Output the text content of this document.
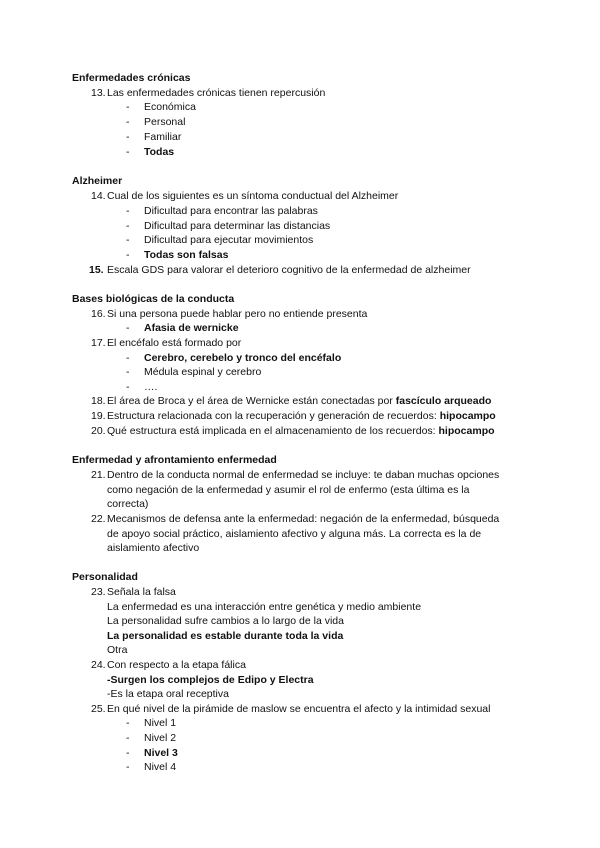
Enfermedades crónicas
13. Las enfermedades crónicas tienen repercusión
- Económica
- Personal
- Familiar
- Todas
Alzheimer
14. Cual de los siguientes es un síntoma conductual del Alzheimer
- Dificultad para encontrar las palabras
- Dificultad para determinar las distancias
- Dificultad para ejecutar movimientos
- Todas son falsas
15. Escala GDS para valorar el deterioro cognitivo de la enfermedad de alzheimer
Bases biológicas de la conducta
16. Si una persona puede hablar pero no entiende presenta
- Afasia de wernicke
17. El encéfalo está formado por
- Cerebro, cerebelo y tronco del encéfalo
- Médula espinal y cerebro
- ….
18. El área de Broca y el área de Wernicke están conectadas por fascículo arqueado
19. Estructura relacionada con la recuperación y generación de recuerdos: hipocampo
20. Qué estructura está implicada en el almacenamiento de los recuerdos: hipocampo
Enfermedad y afrontamiento enfermedad
21. Dentro de la conducta normal de enfermedad se incluye: te daban muchas opciones
como negación de la enfermedad y asumir el rol de enfermo (esta última es la
correcta)
22. Mecanismos de defensa ante la enfermedad: negación de la enfermedad, búsqueda
de apoyo social práctico, aislamiento afectivo y alguna más. La correcta es la de
aislamiento afectivo
Personalidad
23. Señala la falsa
La enfermedad es una interacción entre genética y medio ambiente
La personalidad sufre cambios a lo largo de la vida
La personalidad es estable durante toda la vida
Otra
24. Con respecto a la etapa fálica
-Surgen los complejos de Edipo y Electra
-Es la etapa oral receptiva
25. En qué nivel de la pirámide de maslow se encuentra el afecto y la intimidad sexual
- Nivel 1
- Nivel 2
- Nivel 3
- Nivel 4
